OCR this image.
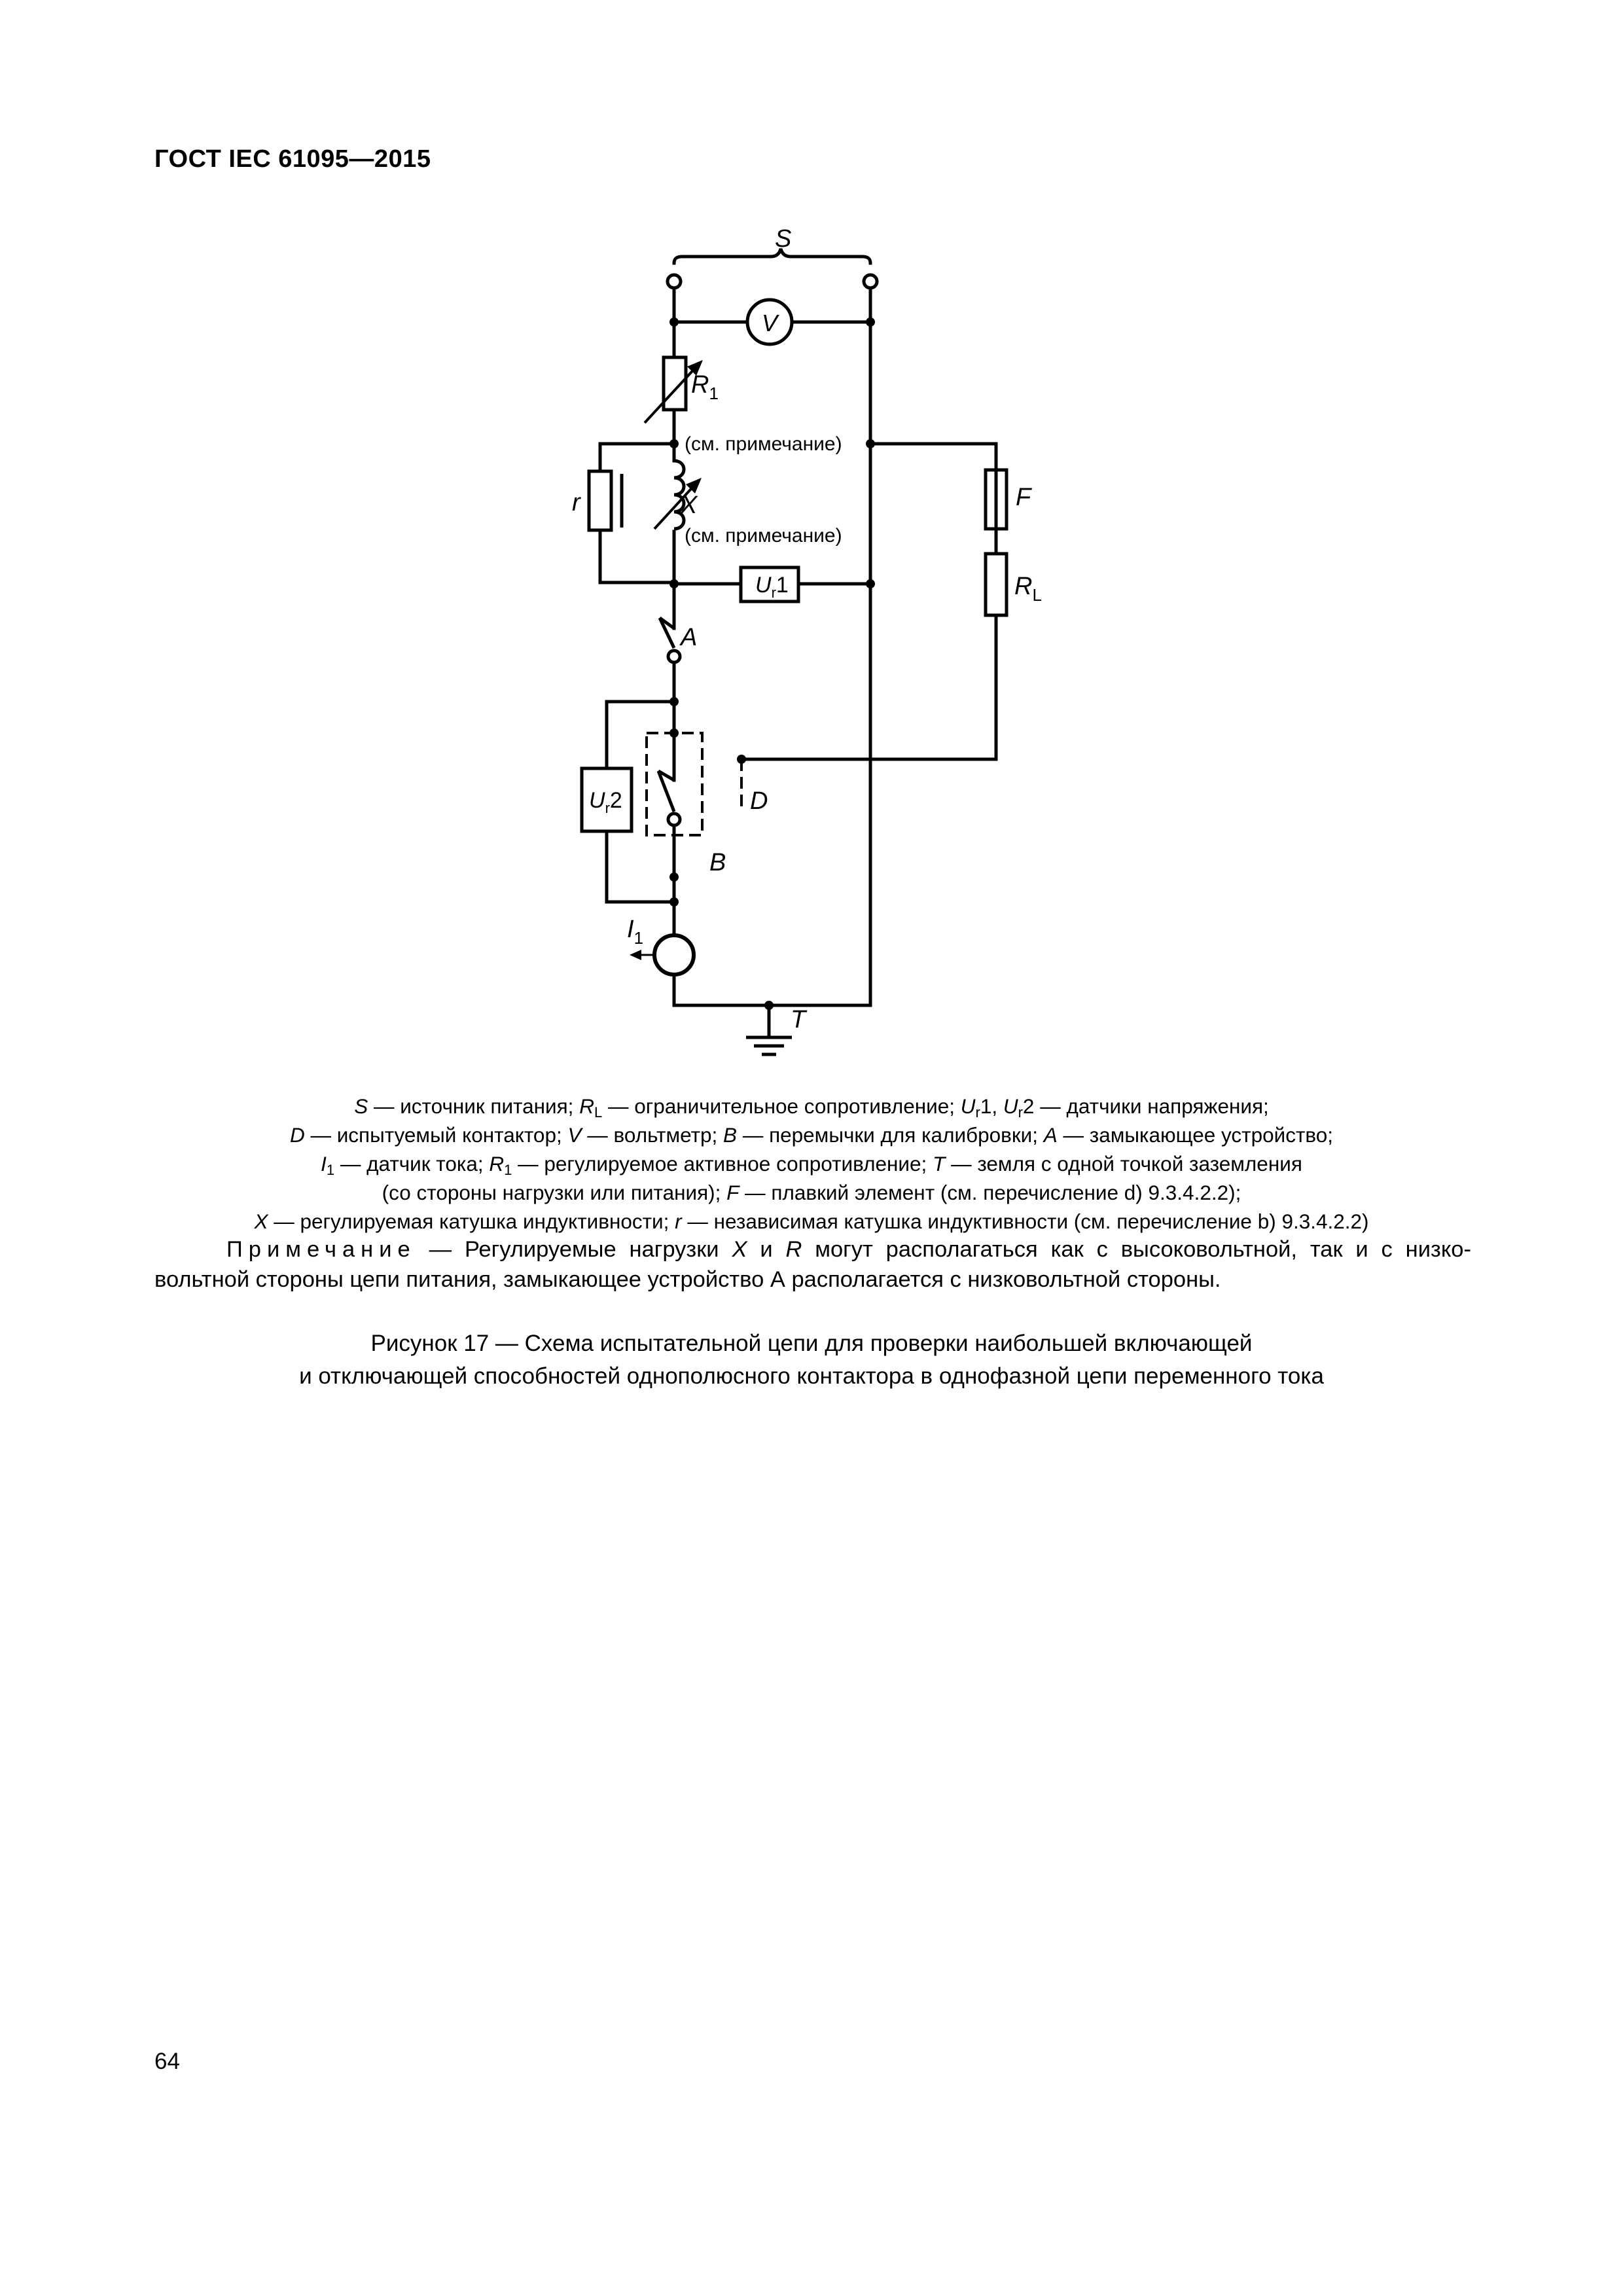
ГОСТ IEC 61095—2015
S
V
$R_1$
(см. примечание)
r	X
(см. примечание)
$U_r1$
F
$R_L$
A
$U_r2$	D
B
$I_1$
T
S — источник питания; $R_L$ — ограничительное сопротивление; $U_r1$, $U_r2$ — датчики напряжения;
D — испытуемый контактор; V — вольтметр; B — перемычки для калибровки; A — замыкающее устройство;
$I_1$ — датчик тока; $R_1$ — регулируемое активное сопротивление; T — земля с одной точкой заземления
(со стороны нагрузки или питания); F — плавкий элемент (см. перечисление d) 9.3.4.2.2);
X — регулируемая катушка индуктивности; r — независимая катушка индуктивности (см. перечисление b) 9.3.4.2.2)

Примечание — Регулируемые нагрузки X и R могут располагаться как с высоковольтной, так и с низко-

вольтной стороны цепи питания, замыкающее устройство А располагается с низковольтной стороны.

Рисунок 17 — Схема испытательной цепи для проверки наибольшей включающей

и отключающей способностей однополюсного контактора в однофазной цепи переменного тока

64
